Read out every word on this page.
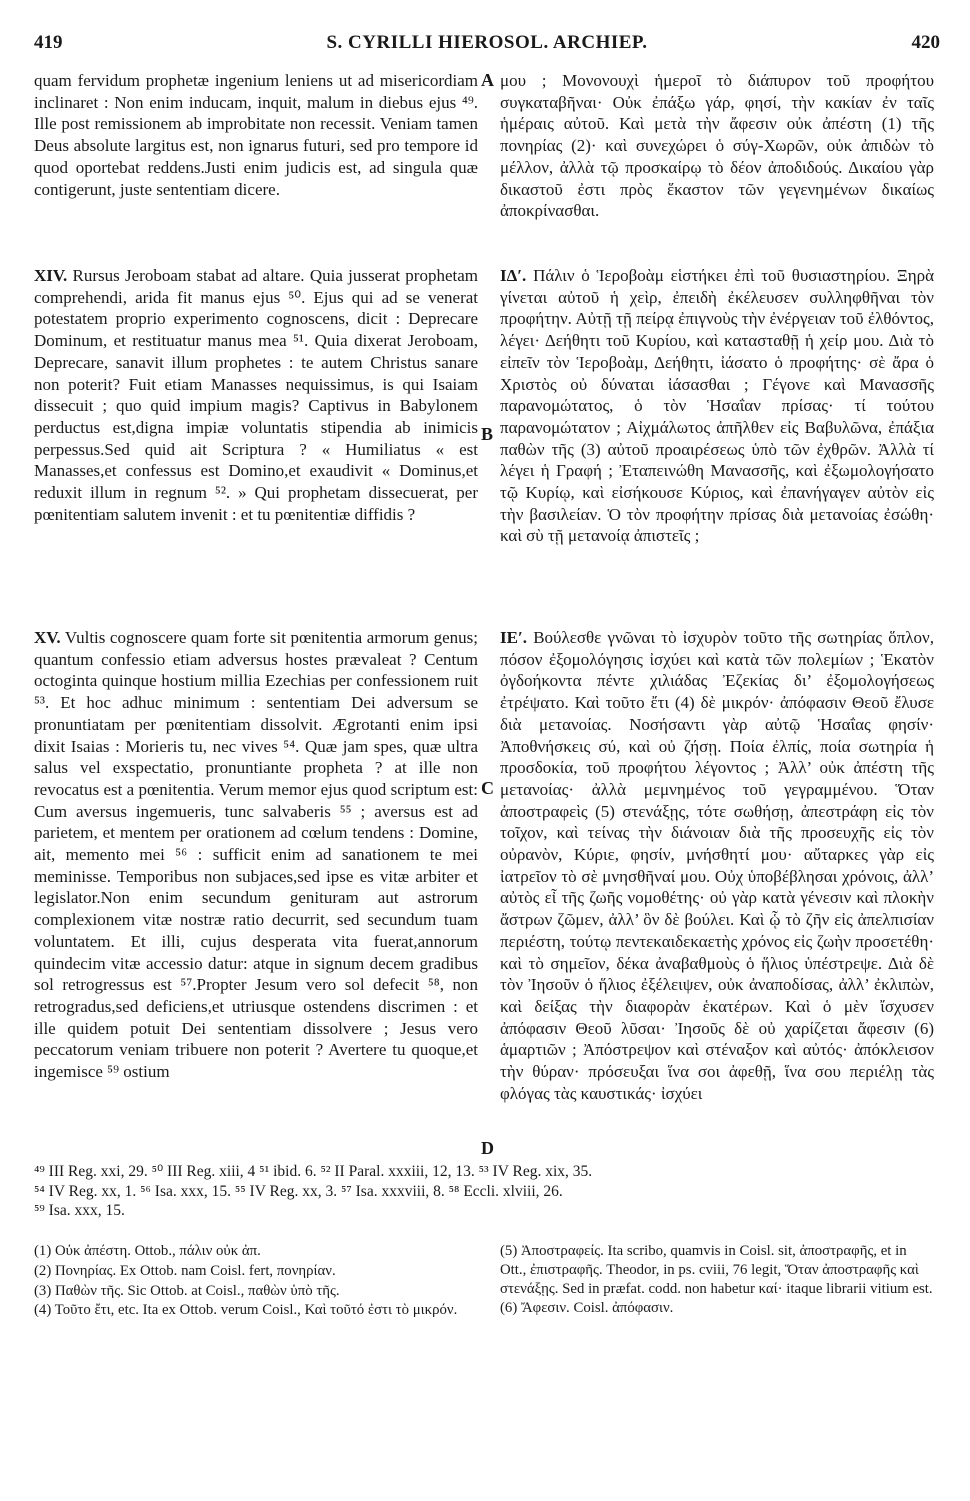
419	S. CYRILLI HIEROSOL. ARCHIEP.	420
A
B
C
D

quam fervidum prophetæ ingenium leniens ut ad misericordiam inclinaret : Non enim inducam, inquit, malum in diebus ejus ⁴⁹. Ille post remissionem ab improbitate non recessit. Veniam tamen Deus absolute largitus est, non ignarus futuri, sed pro tempore id quod oportebat reddens.Justi enim judicis est, ad singula quæ contigerunt, juste sententiam dicere.

XIV. Rursus Jeroboam stabat ad altare. Quia jusserat prophetam comprehendi, arida fit manus ejus ⁵⁰. Ejus qui ad se venerat potestatem proprio experimento cognoscens, dicit : Deprecare Dominum, et restituatur manus mea ⁵¹. Quia dixerat Jeroboam, Deprecare, sanavit illum prophetes : te autem Christus sanare non poterit? Fuit etiam Manasses nequissimus, is qui Isaiam dissecuit ; quo quid impium magis? Captivus in Babylonem perductus est,digna impiæ voluntatis stipendia ab inimicis perpessus.Sed quid ait Scriptura ? « Humiliatus « est Manasses,et confessus est Domino,et exaudivit « Dominus,et reduxit illum in regnum ⁵². » Qui prophetam dissecuerat, per pœnitentiam salutem invenit : et tu pœnitentiæ diffidis ?

XV. Vultis cognoscere quam forte sit pœnitentia armorum genus; quantum confessio etiam adversus hostes prævaleat ? Centum octoginta quinque hostium millia Ezechias per confessionem ruit ⁵³. Et hoc adhuc minimum : sententiam Dei adversum se pronuntiatam per pœnitentiam dissolvit. Ægrotanti enim ipsi dixit Isaias : Morieris tu, nec vives ⁵⁴. Quæ jam spes, quæ ultra salus vel exspectatio, pronuntiante propheta ? at ille non revocatus est a pœnitentia. Verum memor ejus quod scriptum est: Cum aversus ingemueris, tunc salvaberis ⁵⁵ ; aversus est ad parietem, et mentem per orationem ad cœlum tendens : Domine, ait, memento mei ⁵⁶ : sufficit enim ad sanationem te mei meminisse. Temporibus non subjaces,sed ipse es vitæ arbiter et legislator.Non enim secundum genituram aut astrorum complexionem vitæ nostræ ratio decurrit, sed secundum tuam voluntatem. Et illi, cujus desperata vita fuerat,annorum quindecim vitæ accessio datur: atque in signum decem gradibus sol retrogressus est ⁵⁷.Propter Jesum vero sol defecit ⁵⁸, non retrogradus,sed deficiens,et utriusque ostendens discrimen : et ille quidem potuit Dei sententiam dissolvere ; Jesus vero peccatorum veniam tribuere non poterit ? Avertere tu quoque,et ingemisce ⁵⁹ ostium

μου ; Μονονουχὶ ἡμεροῖ τὸ διάπυρον τοῦ προφήτου συγκαταβῆναι· Οὐκ ἐπάξω γάρ, φησί, τὴν κακίαν ἐν ταῖς ἡμέραις αὐτοῦ. Καὶ μετὰ τὴν ἄφεσιν οὐκ ἀπέστη (1) τῆς πονηρίας (2)· καὶ συνεχώρει ὁ σύγ-Χωρῶν, οὐκ ἀπιδὼν τὸ μέλλον, ἀλλὰ τῷ προσκαίρῳ τὸ δέον ἀποδιδούς. Δικαίου γὰρ δικαστοῦ ἐστι πρὸς ἕκαστον τῶν γεγενημένων δικαίως ἀποκρίνασθαι.

ΙΔʹ. Πάλιν ὁ Ἱεροβοὰμ εἱστήκει ἐπὶ τοῦ θυσιαστηρίου. Ξηρὰ γίνεται αὐτοῦ ἡ χεὶρ, ἐπειδὴ ἐκέλευσεν συλληφθῆναι τὸν προφήτην. Αὐτῇ τῇ πείρᾳ ἐπιγνοὺς τὴν ἐνέργειαν τοῦ ἐλθόντος, λέγει· Δεήθητι τοῦ Κυρίου, καὶ κατασταθῇ ἡ χείρ μου. Διὰ τὸ εἰπεῖν τὸν Ἱεροβοὰμ, Δεήθητι, ἰάσατο ὁ προφήτης· σὲ ἄρα ὁ Χριστὸς οὐ δύναται ἰάσασθαι ; Γέγονε καὶ Μανασσῆς παρανομώτατος, ὁ τὸν Ἡσαΐαν πρίσας· τί τούτου παρανομώτατον ; Αἰχμάλωτος ἀπῆλθεν εἰς Βαβυλῶνα, ἐπάξια παθὼν τῆς (3) αὐτοῦ προαιρέσεως ὑπὸ τῶν ἐχθρῶν. Ἀλλὰ τί λέγει ἡ Γραφή ; Ἐταπεινώθη Μανασσῆς, καὶ ἐξωμολογήσατο τῷ Κυρίῳ, καὶ εἰσήκουσε Κύριος, καὶ ἐπανήγαγεν αὐτὸν εἰς τὴν βασιλείαν. Ὁ τὸν προφήτην πρίσας διὰ μετανοίας ἐσώθη· καὶ σὺ τῇ μετανοίᾳ ἀπιστεῖς ;

ΙΕʹ. Βούλεσθε γνῶναι τὸ ἰσχυρὸν τοῦτο τῆς σωτηρίας ὅπλον, πόσον ἐξομολόγησις ἰσχύει καὶ κατὰ τῶν πολεμίων ; Ἑκατὸν ὀγδοήκοντα πέντε χιλιάδας Ἐζεκίας δι’ ἐξομολογήσεως ἐτρέψατο. Καὶ τοῦτο ἔτι (4) δὲ μικρόν· ἀπόφασιν Θεοῦ ἔλυσε διὰ μετανοίας. Νοσήσαντι γὰρ αὐτῷ Ἡσαΐας φησίν· Ἀποθνήσκεις σύ, καὶ οὐ ζήσῃ. Ποία ἐλπίς, ποία σωτηρία ἡ προσδοκία, τοῦ προφήτου λέγοντος ; Ἀλλ’ οὐκ ἀπέστη τῆς μετανοίας· ἀλλὰ μεμνημένος τοῦ γεγραμμένου. Ὅταν ἀποστραφεὶς (5) στενάξῃς, τότε σωθήσῃ, ἀπεστράφη εἰς τὸν τοῖχον, καὶ τείνας τὴν διάνοιαν διὰ τῆς προσευχῆς εἰς τὸν οὐρανὸν, Κύριε, φησίν, μνήσθητί μου· αὔταρκες γὰρ εἰς ἰατρεῖον τὸ σὲ μνησθῆναί μου. Οὐχ ὑποβέβλησαι χρόνοις, ἀλλ’ αὐτὸς εἶ τῆς ζωῆς νομοθέτης· οὐ γὰρ κατὰ γένεσιν καὶ πλοκὴν ἄστρων ζῶμεν, ἀλλ’ ὃν δὲ βούλει. Καὶ ᾧ τὸ ζῆν εἰς ἀπελπισίαν περιέστη, τούτῳ πεντεκαιδεκαετὴς χρόνος εἰς ζωὴν προσετέθη· καὶ τὸ σημεῖον, δέκα ἀναβαθμοὺς ὁ ἥλιος ὑπέστρεψε. Διὰ δὲ τὸν Ἰησοῦν ὁ ἥλιος ἐξέλειψεν, οὐκ ἀναποδίσας, ἀλλ’ ἐκλιπὼν, καὶ δείξας τὴν διαφορὰν ἑκατέρων. Καὶ ὁ μὲν ἴσχυσεν ἀπόφασιν Θεοῦ λῦσαι· Ἰησοῦς δὲ οὐ χαρίζεται ἄφεσιν (6) ἁμαρτιῶν ; Ἀπόστρεψον καὶ στέναξον καὶ αὐτός· ἀπόκλεισον τὴν θύραν· πρόσευξαι ἵνα σοι ἀφεθῇ, ἵνα σου περιέλῃ τὰς φλόγας τὰς καυστικάς· ἰσχύει

⁴⁹ III Reg. xxi, 29. ⁵⁰ III Reg. xiii, 4 ⁵¹ ibid. 6. ⁵² II Paral. xxxiii, 12, 13. ⁵³ IV Reg. xix, 35.

⁵⁴ IV Reg. xx, 1. ⁵⁶ Isa. xxx, 15. ⁵⁵ IV Reg. xx, 3. ⁵⁷ Isa. xxxviii, 8. ⁵⁸ Eccli. xlviii, 26.

⁵⁹ Isa. xxx, 15.

(1) Οὐκ ἀπέστη. Ottob., πάλιν οὐκ ἀπ.

(2) Πονηρίας. Ex Ottob. nam Coisl. fert, πονηρίαν.

(3) Παθὼν τῆς. Sic Ottob. at Coisl., παθὼν ὑπὸ τῆς.

(4) Τοῦτο ἔτι, etc. Ita ex Ottob. verum Coisl., Καὶ τοῦτό ἐστι τὸ μικρόν.

(5) Ἀποστραφείς. Ita scribo, quamvis in Coisl. sit, ἀποστραφῆς, et in Ott., ἐπιστραφῆς. Theodor, in ps. cviii, 76 legit, Ὅταν ἀποστραφῆς καὶ στενάξῃς. Sed in præfat. codd. non habetur καί· itaque librarii vitium est.

(6) Ἄφεσιν. Coisl. ἀπόφασιν.
